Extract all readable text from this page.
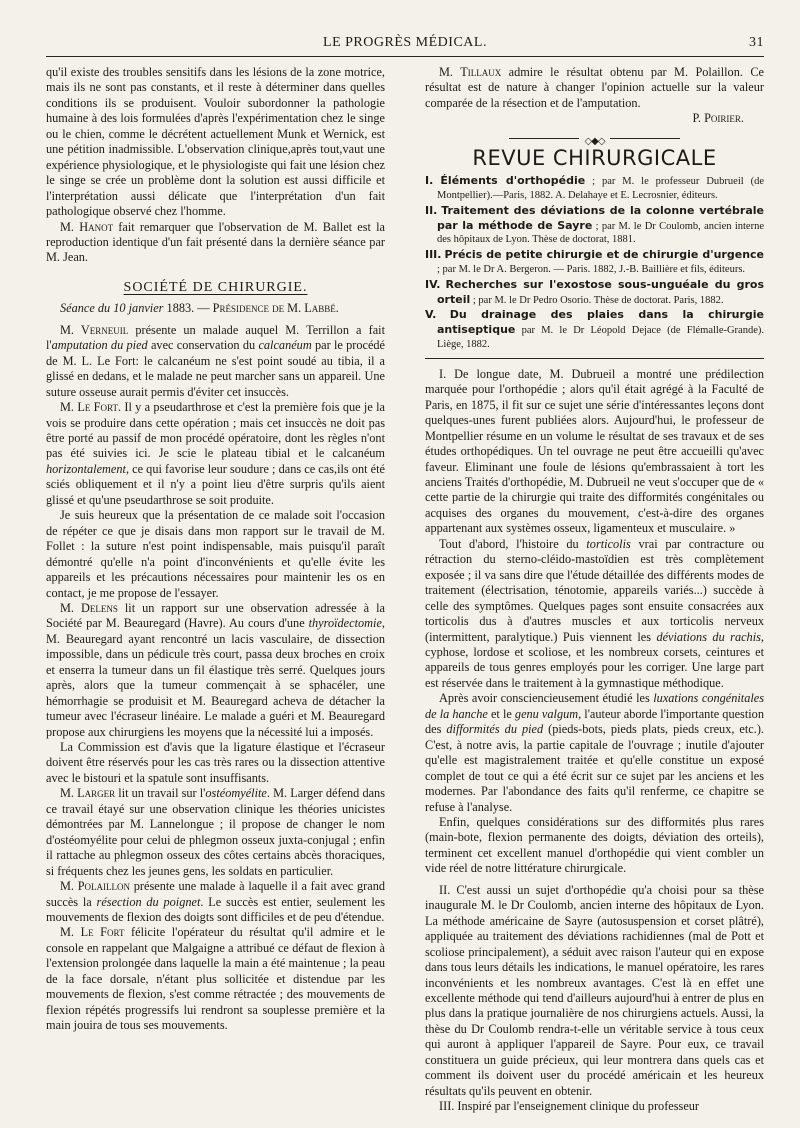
LE PROGRÈS MÉDICAL.	31

qu'il existe des troubles sensitifs dans les lésions de la zone motrice, mais ils ne sont pas constants, et il reste à déterminer dans quelles conditions ils se produisent. Vouloir subordonner la pathologie humaine à des lois formulées d'après l'expérimentation chez le singe ou le chien, comme le décrétent actuellement Munk et Wernick, est une pétition inadmissible. L'observation clinique,après tout,vaut une expérience physiologique, et le physiologiste qui fait une lésion chez le singe se crée un problème dont la solution est aussi difficile et l'interprétation aussi délicate que l'interprétation d'un fait pathologique observé chez l'homme.

M. Hanot fait remarquer que l'observation de M. Ballet est la reproduction identique d'un fait présenté dans la dernière séance par M. Jean.

SOCIÉTÉ DE CHIRURGIE.

Séance du 10 janvier 1883. — Présidence de M. Labbé.

M. Verneuil présente un malade auquel M. Terrillon a fait l'amputation du pied avec conservation du calcanéum par le procédé de M. L. Le Fort: le calcanéum ne s'est point soudé au tibia, il a glissé en dedans, et le malade ne peut marcher sans un appareil. Une suture osseuse aurait permis d'éviter cet insuccès.

M. Le Fort. Il y a pseudarthrose et c'est la première fois que je la vois se produire dans cette opération ; mais cet insuccès ne doit pas être porté au passif de mon procédé opératoire, dont les règles n'ont pas été suivies ici. Je scie le plateau tibial et le calcanéum horizontalement, ce qui favorise leur soudure ; dans ce cas,ils ont été sciés obliquement et il n'y a point lieu d'être surpris qu'ils aient glissé et qu'une pseudarthrose se soit produite.

Je suis heureux que la présentation de ce malade soit l'occasion de répéter ce que je disais dans mon rapport sur le travail de M. Follet : la suture n'est point indispensable, mais puisqu'il paraît démontré qu'elle n'a point d'inconvénients et qu'elle évite les appareils et les précautions nécessaires pour maintenir les os en contact, je me propose de l'essayer.

M. Delens lit un rapport sur une observation adressée à la Société par M. Beauregard (Havre). Au cours d'une thyroïdectomie, M. Beauregard ayant rencontré un lacis vasculaire, de dissection impossible, dans un pédicule très court, passa deux broches en croix et enserra la tumeur dans un fil élastique très serré. Quelques jours après, alors que la tumeur commençait à se sphacéler, une hémorrhagie se produisit et M. Beauregard acheva de détacher la tumeur avec l'écraseur linéaire. Le malade a guéri et M. Beauregard propose aux chirurgiens les moyens que la nécessité lui a imposés.

La Commission est d'avis que la ligature élastique et l'écraseur doivent être réservés pour les cas très rares ou la dissection attentive avec le bistouri et la spatule sont insuffisants.

M. Larger lit un travail sur l'ostéomyélite. M. Larger défend dans ce travail étayé sur une observation clinique les théories unicistes démontrées par M. Lannelongue ; il propose de changer le nom d'ostéomyélite pour celui de phlegmon osseux juxta-conjugal ; enfin il rattache au phlegmon osseux des côtes certains abcès thoraciques, si fréquents chez les jeunes gens, les soldats en particulier.

M. Polaillon présente une malade à laquelle il a fait avec grand succès la résection du poignet. Le succès est entier, seulement les mouvements de flexion des doigts sont difficiles et de peu d'étendue.

M. Le Fort félicite l'opérateur du résultat qu'il admire et le console en rappelant que Malgaigne a attribué ce défaut de flexion à l'extension prolongée dans laquelle la main a été maintenue ; la peau de la face dorsale, n'étant plus sollicitée et distendue par les mouvements de flexion, s'est comme rétractée ; des mouvements de flexion répétés progressifs lui rendront sa souplesse première et la main jouira de tous ses mouvements.

M. Tillaux admire le résultat obtenu par M. Polaillon. Ce résultat est de nature à changer l'opinion actuelle sur la valeur comparée de la résection et de l'amputation.

P. Poirier.

◇◆◇
REVUE CHIRURGICALE
I. Éléments d'orthopédie ; par M. le professeur Dubrueil (de Montpellier).—Paris, 1882. A. Delahaye et E. Lecrosnier, éditeurs.
II. Traitement des déviations de la colonne vertébrale par la méthode de Sayre ; par M. le Dr Coulomb, ancien interne des hôpitaux de Lyon. Thèse de doctorat, 1881.
III. Précis de petite chirurgie et de chirurgie d'urgence ; par M. le Dr A. Bergeron. — Paris. 1882, J.-B. Baillière et fils, éditeurs.
IV. Recherches sur l'exostose sous-unguéale du gros orteil ; par M. le Dr Pedro Osorio. Thèse de doctorat. Paris, 1882.
V. Du drainage des plaies dans la chirurgie antiseptique par M. le Dr Léopold Dejace (de Flémalle-Grande). Liège, 1882.

I. De longue date, M. Dubrueil a montré une prédilection marquée pour l'orthopédie ; alors qu'il était agrégé à la Faculté de Paris, en 1875, il fit sur ce sujet une série d'intéressantes leçons dont quelques-unes furent publiées alors. Aujourd'hui, le professeur de Montpellier résume en un volume le résultat de ses travaux et de ses études orthopédiques. Un tel ouvrage ne peut être accueilli qu'avec faveur. Eliminant une foule de lésions qu'embrassaient à tort les anciens Traités d'orthopédie, M. Dubrueil ne veut s'occuper que de « cette partie de la chirurgie qui traite des difformités congénitales ou acquises des organes du mouvement, c'est-à-dire des organes appartenant aux systèmes osseux, ligamenteux et musculaire. »

Tout d'abord, l'histoire du torticolis vrai par contracture ou rétraction du sterno-cléido-mastoïdien est très complètement exposée ; il va sans dire que l'étude détaillée des différents modes de traitement (électrisation, ténotomie, appareils variés...) succède à celle des symptômes. Quelques pages sont ensuite consacrées aux torticolis dus à d'autres muscles et aux torticolis nerveux (intermittent, paralytique.) Puis viennent les déviations du rachis, cyphose, lordose et scoliose, et les nombreux corsets, ceintures et appareils de tous genres employés pour les corriger. Une large part est réservée dans le traitement à la gymnastique méthodique.

Après avoir consciencieusement étudié les luxations congénitales de la hanche et le genu valgum, l'auteur aborde l'importante question des difformités du pied (pieds-bots, pieds plats, pieds creux, etc.). C'est, à notre avis, la partie capitale de l'ouvrage ; inutile d'ajouter qu'elle est magistralement traitée et qu'elle constitue un exposé complet de tout ce qui a été écrit sur ce sujet par les anciens et les modernes. Par l'abondance des faits qu'il renferme, ce chapitre se refuse à l'analyse.

Enfin, quelques considérations sur des difformités plus rares (main-bote, flexion permanente des doigts, déviation des orteils), terminent cet excellent manuel d'orthopédie qui vient combler un vide réel de notre littérature chirurgicale.

II. C'est aussi un sujet d'orthopédie qu'a choisi pour sa thèse inaugurale M. le Dr Coulomb, ancien interne des hôpitaux de Lyon. La méthode américaine de Sayre (autosuspension et corset plâtré), appliquée au traitement des déviations rachidiennes (mal de Pott et scoliose principalement), a séduit avec raison l'auteur qui en expose dans tous leurs détails les indications, le manuel opératoire, les rares inconvénients et les nombreux avantages. C'est là en effet une excellente méthode qui tend d'ailleurs aujourd'hui à entrer de plus en plus dans la pratique journalière de nos chirurgiens actuels. Aussi, la thèse du Dr Coulomb rendra-t-elle un véritable service à tous ceux qui auront à appliquer l'appareil de Sayre. Pour eux, ce travail constituera un guide précieux, qui leur montrera dans quels cas et comment ils doivent user du procédé américain et les heureux résultats qu'ils peuvent en obtenir.

III. Inspiré par l'enseignement clinique du professeur
